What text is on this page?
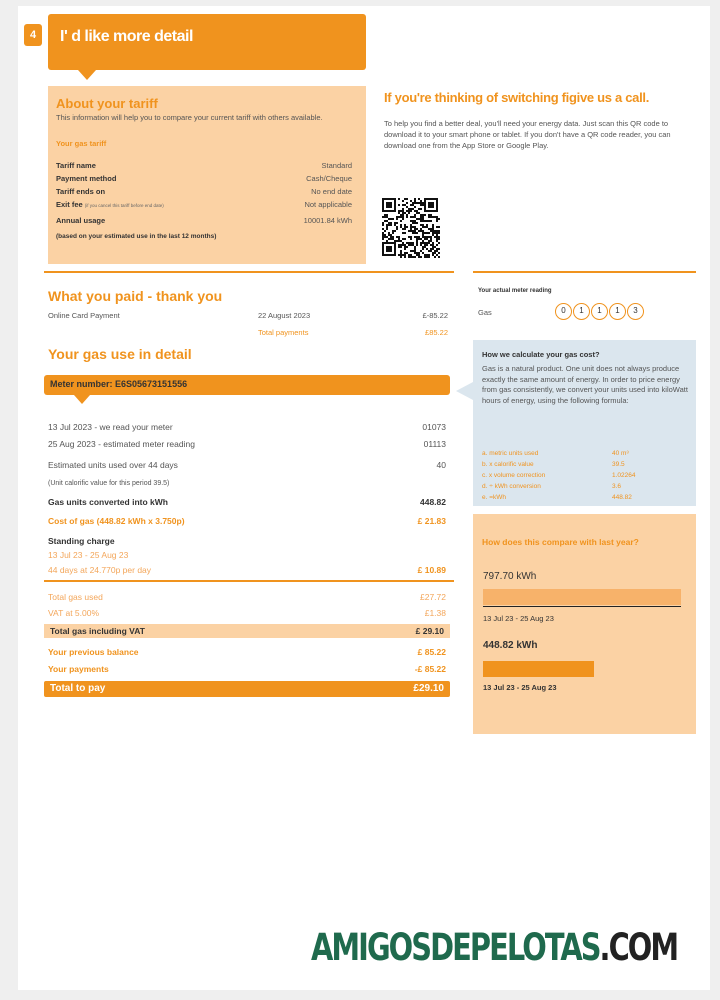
4	I' d like more detail
About your tariff
This information will help you to compare your current tariff with others available.
Your gas tariff
Tariff name	Standard
Payment method	Cash/Cheque
Tariff ends on	No end date
Exit fee (if you cancel this tariff before end date)	Not applicable
Annual usage	10001.84 kWh
(based on your estimated use in the last 12 months)
If you're thinking of switching figive us a call.
To help you find a better deal, you'll need your energy data. Just scan this QR code to download it to your smart phone or tablet. If you don't have a QR code reader, you can download one from the App Store or Google Play.
What you paid - thank you
Online Card Payment	22 August 2023	£-85.22
Total payments	£85.22
Your gas use in detail
Meter number: E6S05673151556
13 Jul 2023 - we read your meter	01073
25 Aug 2023 - estimated meter reading	01113
Estimated units used over 44 days	40
(Unit calorific value for this period 39.5)
Gas units converted into kWh	448.82
Cost of gas (448.82 kWh x 3.750p)	£ 21.83
Standing charge
13 Jul 23 - 25 Aug 23
44 days at 24.770p per day	£ 10.89
Total gas used	£27.72
VAT at 5.00%	£1.38
Total gas including VAT	£ 29.10
Your previous balance	£ 85.22
Your payments	-£ 85.22
Total to pay	£29.10
Your actual meter reading
Gas	0	1	1	1	3
How we calculate your gas cost?
Gas is a natural product. One unit does not always produce exactly the same amount of energy. In order to price energy from gas consistently, we convert your units used into kiloWatt hours of energy, using the following formula:
a. metric units used	40 m³
b. x calorific value	39.5
c. x volume correction	1.02264
d. ÷ kWh conversion	3.6
e. =kWh	448.82
How does this compare with last year?
797.70 kWh
13 Jul 23 - 25 Aug 23
448.82 kWh
13 Jul 23 - 25 Aug 23
AMIGOSDEPELOTAS.COM
